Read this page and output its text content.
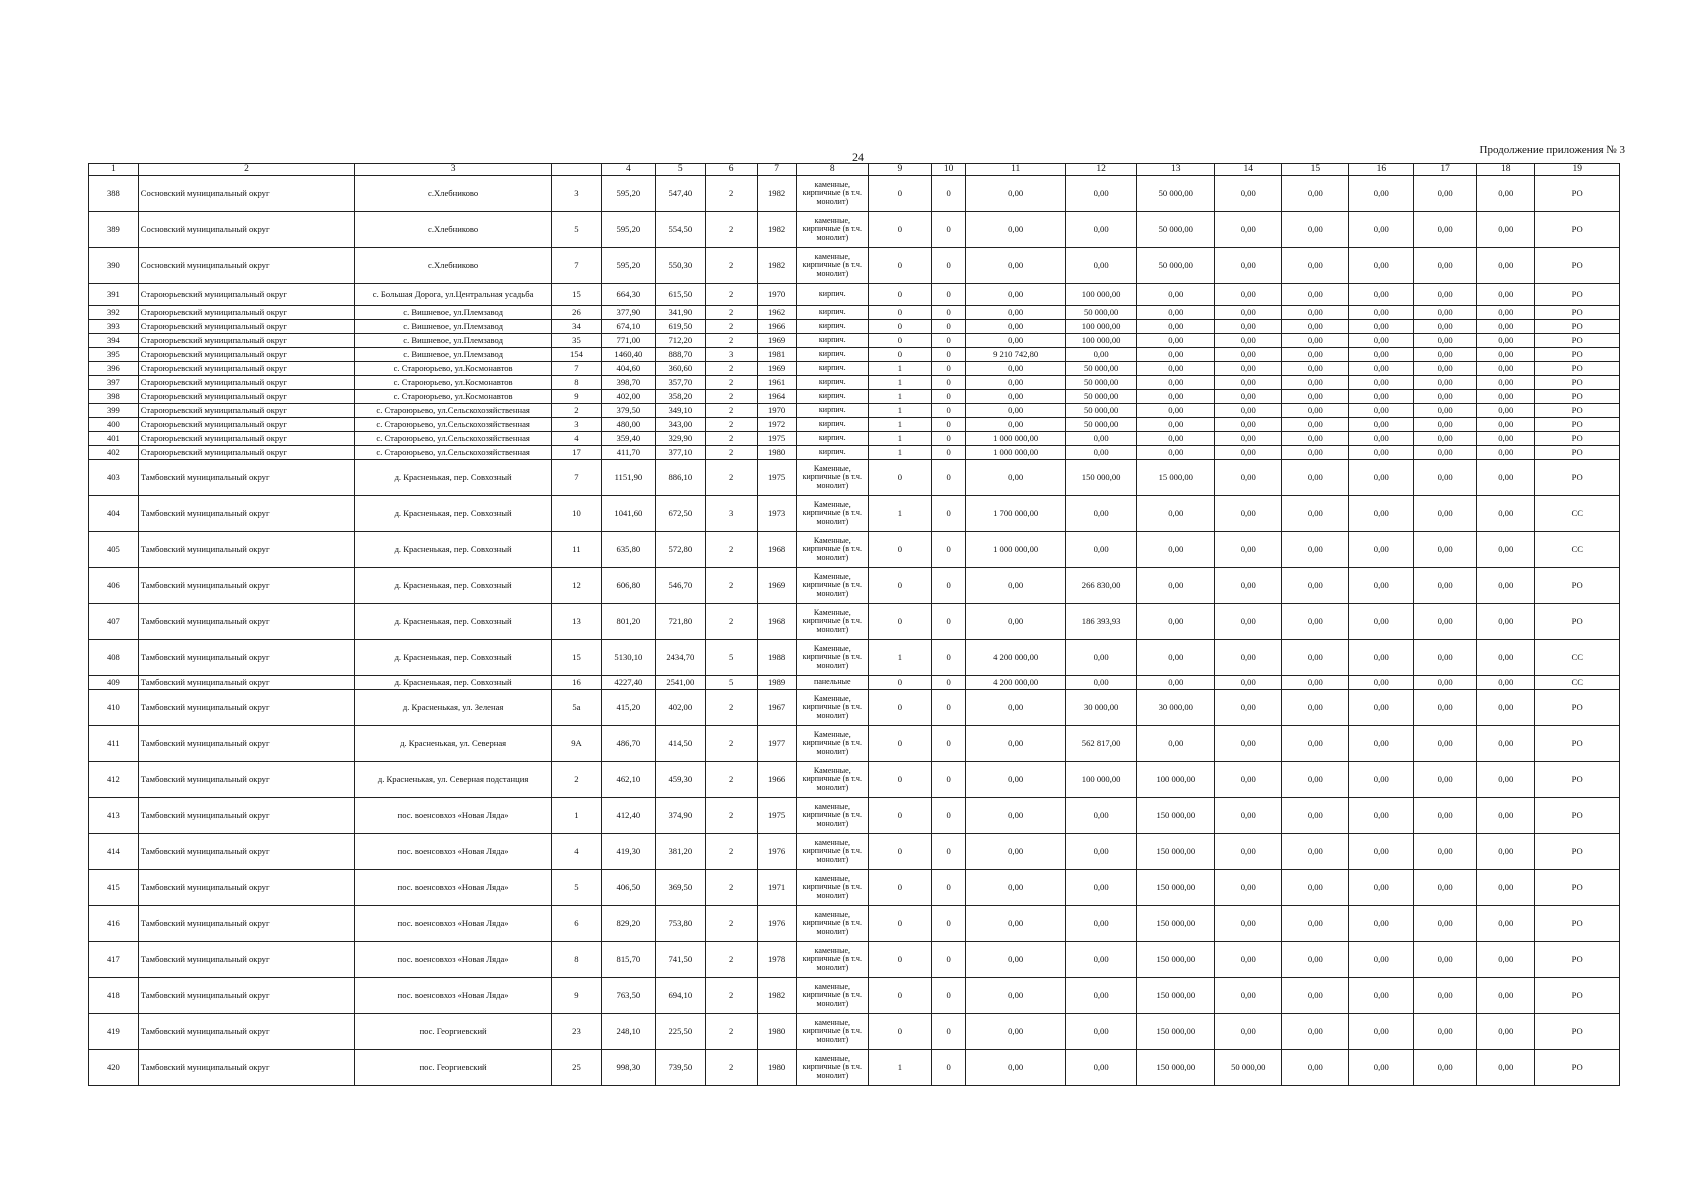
24	Продолжение приложения № 3
1	2	3		4	5	6	7	8	9	10	11	12	13	14	15	16	17	18	19
388	Сосновский муниципальный округ	с.Хлебниково	3	595,20	547,40	2	1982	каменные, кирпичные (в т.ч. монолит)	0	0	0,00	0,00	50 000,00	0,00	0,00	0,00	0,00	0,00	РО
389	Сосновский муниципальный округ	с.Хлебниково	5	595,20	554,50	2	1982	каменные, кирпичные (в т.ч. монолит)	0	0	0,00	0,00	50 000,00	0,00	0,00	0,00	0,00	0,00	РО
390	Сосновский муниципальный округ	с.Хлебниково	7	595,20	550,30	2	1982	каменные, кирпичные (в т.ч. монолит)	0	0	0,00	0,00	50 000,00	0,00	0,00	0,00	0,00	0,00	РО
391	Староюрьевский муниципальный округ	с. Большая Дорога, ул.Центральная усадьба	15	664,30	615,50	2	1970	кирпич.	0	0	0,00	100 000,00	0,00	0,00	0,00	0,00	0,00	0,00	РО
392	Староюрьевский муниципальный округ	с. Вишневое, ул.Племзавод	26	377,90	341,90	2	1962	кирпич.	0	0	0,00	50 000,00	0,00	0,00	0,00	0,00	0,00	0,00	РО
393	Староюрьевский муниципальный округ	с. Вишневое, ул.Племзавод	34	674,10	619,50	2	1966	кирпич.	0	0	0,00	100 000,00	0,00	0,00	0,00	0,00	0,00	0,00	РО
394	Староюрьевский муниципальный округ	с. Вишневое, ул.Племзавод	35	771,00	712,20	2	1969	кирпич.	0	0	0,00	100 000,00	0,00	0,00	0,00	0,00	0,00	0,00	РО
395	Староюрьевский муниципальный округ	с. Вишневое, ул.Племзавод	154	1460,40	888,70	3	1981	кирпич.	0	0	9 210 742,80	0,00	0,00	0,00	0,00	0,00	0,00	0,00	РО
396	Староюрьевский муниципальный округ	с. Староюрьево, ул.Космонавтов	7	404,60	360,60	2	1969	кирпич.	1	0	0,00	50 000,00	0,00	0,00	0,00	0,00	0,00	0,00	РО
397	Староюрьевский муниципальный округ	с. Староюрьево, ул.Космонавтов	8	398,70	357,70	2	1961	кирпич.	1	0	0,00	50 000,00	0,00	0,00	0,00	0,00	0,00	0,00	РО
398	Староюрьевский муниципальный округ	с. Староюрьево, ул.Космонавтов	9	402,00	358,20	2	1964	кирпич.	1	0	0,00	50 000,00	0,00	0,00	0,00	0,00	0,00	0,00	РО
399	Староюрьевский муниципальный округ	с. Староюрьево, ул.Сельскохозяйственная	2	379,50	349,10	2	1970	кирпич.	1	0	0,00	50 000,00	0,00	0,00	0,00	0,00	0,00	0,00	РО
400	Староюрьевский муниципальный округ	с. Староюрьево, ул.Сельскохозяйственная	3	480,00	343,00	2	1972	кирпич.	1	0	0,00	50 000,00	0,00	0,00	0,00	0,00	0,00	0,00	РО
401	Староюрьевский муниципальный округ	с. Староюрьево, ул.Сельскохозяйственная	4	359,40	329,90	2	1975	кирпич.	1	0	1 000 000,00	0,00	0,00	0,00	0,00	0,00	0,00	0,00	РО
402	Староюрьевский муниципальный округ	с. Староюрьево, ул.Сельскохозяйственная	17	411,70	377,10	2	1980	кирпич.	1	0	1 000 000,00	0,00	0,00	0,00	0,00	0,00	0,00	0,00	РО
403	Тамбовский муниципальный округ	д. Красненькая, пер. Совхозный	7	1151,90	886,10	2	1975	Каменные, кирпичные (в т.ч. монолит)	0	0	0,00	150 000,00	15 000,00	0,00	0,00	0,00	0,00	0,00	РО
404	Тамбовский муниципальный округ	д. Красненькая, пер. Совхозный	10	1041,60	672,50	3	1973	Каменные, кирпичные (в т.ч. монолит)	1	0	1 700 000,00	0,00	0,00	0,00	0,00	0,00	0,00	0,00	СС
405	Тамбовский муниципальный округ	д. Красненькая, пер. Совхозный	11	635,80	572,80	2	1968	Каменные, кирпичные (в т.ч. монолит)	0	0	1 000 000,00	0,00	0,00	0,00	0,00	0,00	0,00	0,00	СС
406	Тамбовский муниципальный округ	д. Красненькая, пер. Совхозный	12	606,80	546,70	2	1969	Каменные, кирпичные (в т.ч. монолит)	0	0	0,00	266 830,00	0,00	0,00	0,00	0,00	0,00	0,00	РО
407	Тамбовский муниципальный округ	д. Красненькая, пер. Совхозный	13	801,20	721,80	2	1968	Каменные, кирпичные (в т.ч. монолит)	0	0	0,00	186 393,93	0,00	0,00	0,00	0,00	0,00	0,00	РО
408	Тамбовский муниципальный округ	д. Красненькая, пер. Совхозный	15	5130,10	2434,70	5	1988	Каменные, кирпичные (в т.ч. монолит)	1	0	4 200 000,00	0,00	0,00	0,00	0,00	0,00	0,00	0,00	СС
409	Тамбовский муниципальный округ	д. Красненькая, пер. Совхозный	16	4227,40	2541,00	5	1989	панельные	0	0	4 200 000,00	0,00	0,00	0,00	0,00	0,00	0,00	0,00	СС
410	Тамбовский муниципальный округ	д. Красненькая, ул. Зеленая	5а	415,20	402,00	2	1967	Каменные, кирпичные (в т.ч. монолит)	0	0	0,00	30 000,00	30 000,00	0,00	0,00	0,00	0,00	0,00	РО
411	Тамбовский муниципальный округ	д. Красненькая, ул. Северная	9А	486,70	414,50	2	1977	Каменные, кирпичные (в т.ч. монолит)	0	0	0,00	562 817,00	0,00	0,00	0,00	0,00	0,00	0,00	РО
412	Тамбовский муниципальный округ	д. Красненькая, ул. Северная подстанция	2	462,10	459,30	2	1966	Каменные, кирпичные (в т.ч. монолит)	0	0	0,00	100 000,00	100 000,00	0,00	0,00	0,00	0,00	0,00	РО
413	Тамбовский муниципальный округ	пос. военсовхоз «Новая Ляда»	1	412,40	374,90	2	1975	каменные, кирпичные (в т.ч. монолит)	0	0	0,00	0,00	150 000,00	0,00	0,00	0,00	0,00	0,00	РО
414	Тамбовский муниципальный округ	пос. военсовхоз «Новая Ляда»	4	419,30	381,20	2	1976	каменные, кирпичные (в т.ч. монолит)	0	0	0,00	0,00	150 000,00	0,00	0,00	0,00	0,00	0,00	РО
415	Тамбовский муниципальный округ	пос. военсовхоз «Новая Ляда»	5	406,50	369,50	2	1971	каменные, кирпичные (в т.ч. монолит)	0	0	0,00	0,00	150 000,00	0,00	0,00	0,00	0,00	0,00	РО
416	Тамбовский муниципальный округ	пос. военсовхоз «Новая Ляда»	6	829,20	753,80	2	1976	каменные, кирпичные (в т.ч. монолит)	0	0	0,00	0,00	150 000,00	0,00	0,00	0,00	0,00	0,00	РО
417	Тамбовский муниципальный округ	пос. военсовхоз «Новая Ляда»	8	815,70	741,50	2	1978	каменные, кирпичные (в т.ч. монолит)	0	0	0,00	0,00	150 000,00	0,00	0,00	0,00	0,00	0,00	РО
418	Тамбовский муниципальный округ	пос. военсовхоз «Новая Ляда»	9	763,50	694,10	2	1982	каменные, кирпичные (в т.ч. монолит)	0	0	0,00	0,00	150 000,00	0,00	0,00	0,00	0,00	0,00	РО
419	Тамбовский муниципальный округ	пос. Георгиевский	23	248,10	225,50	2	1980	каменные, кирпичные (в т.ч. монолит)	0	0	0,00	0,00	150 000,00	0,00	0,00	0,00	0,00	0,00	РО
420	Тамбовский муниципальный округ	пос. Георгиевский	25	998,30	739,50	2	1980	каменные, кирпичные (в т.ч. монолит)	1	0	0,00	0,00	150 000,00	50 000,00	0,00	0,00	0,00	0,00	РО
